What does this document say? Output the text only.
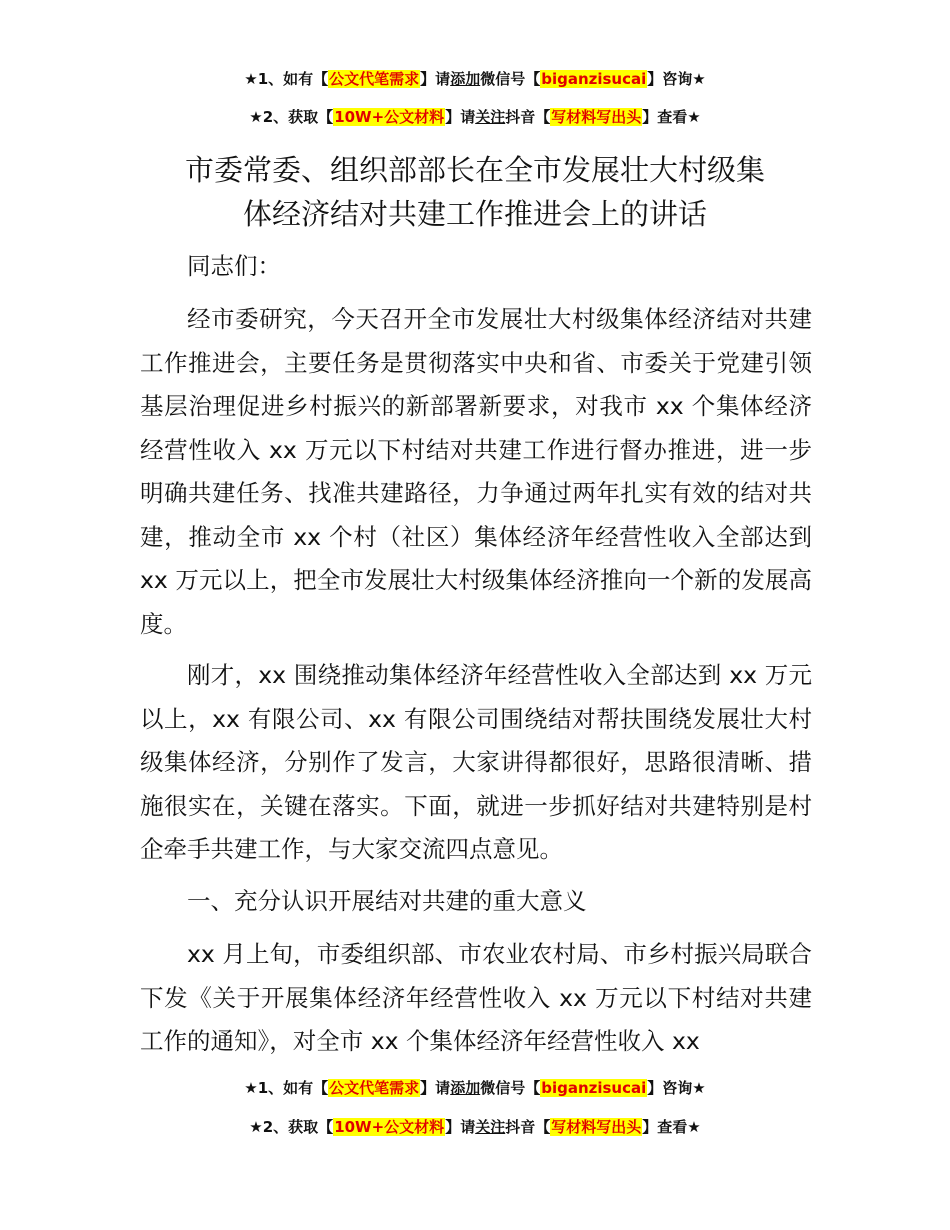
★1、如有【公文代笔需求】请添加微信号【biganzisucai】咨询★
★2、获取【10W+公文材料】请关注抖音【写材料写出头】查看★
市委常委、组织部部长在全市发展壮大村级集
体经济结对共建工作推进会上的讲话

同志们：

经市委研究，今天召开全市发展壮大村级集体经济结对共建工作推进会，主要任务是贯彻落实中央和省、市委关于党建引领基层治理促进乡村振兴的新部署新要求，对我市 xx 个集体经济经营性收入 xx 万元以下村结对共建工作进行督办推进，进一步明确共建任务、找准共建路径，力争通过两年扎实有效的结对共建，推动全市 xx 个村（社区）集体经济年经营性收入全部达到 xx 万元以上，把全市发展壮大村级集体经济推向一个新的发展高度。

刚才，xx 围绕推动集体经济年经营性收入全部达到 xx 万元以上，xx 有限公司、xx 有限公司围绕结对帮扶围绕发展壮大村级集体经济，分别作了发言，大家讲得都很好，思路很清晰、措施很实在，关键在落实。下面，就进一步抓好结对共建特别是村企牵手共建工作，与大家交流四点意见。

一、充分认识开展结对共建的重大意义

xx 月上旬，市委组织部、市农业农村局、市乡村振兴局联合下发《关于开展集体经济年经营性收入 xx 万元以下村结对共建工作的通知》，对全市 xx 个集体经济年经营性收入 xx

★1、如有【公文代笔需求】请添加微信号【biganzisucai】咨询★
★2、获取【10W+公文材料】请关注抖音【写材料写出头】查看★
